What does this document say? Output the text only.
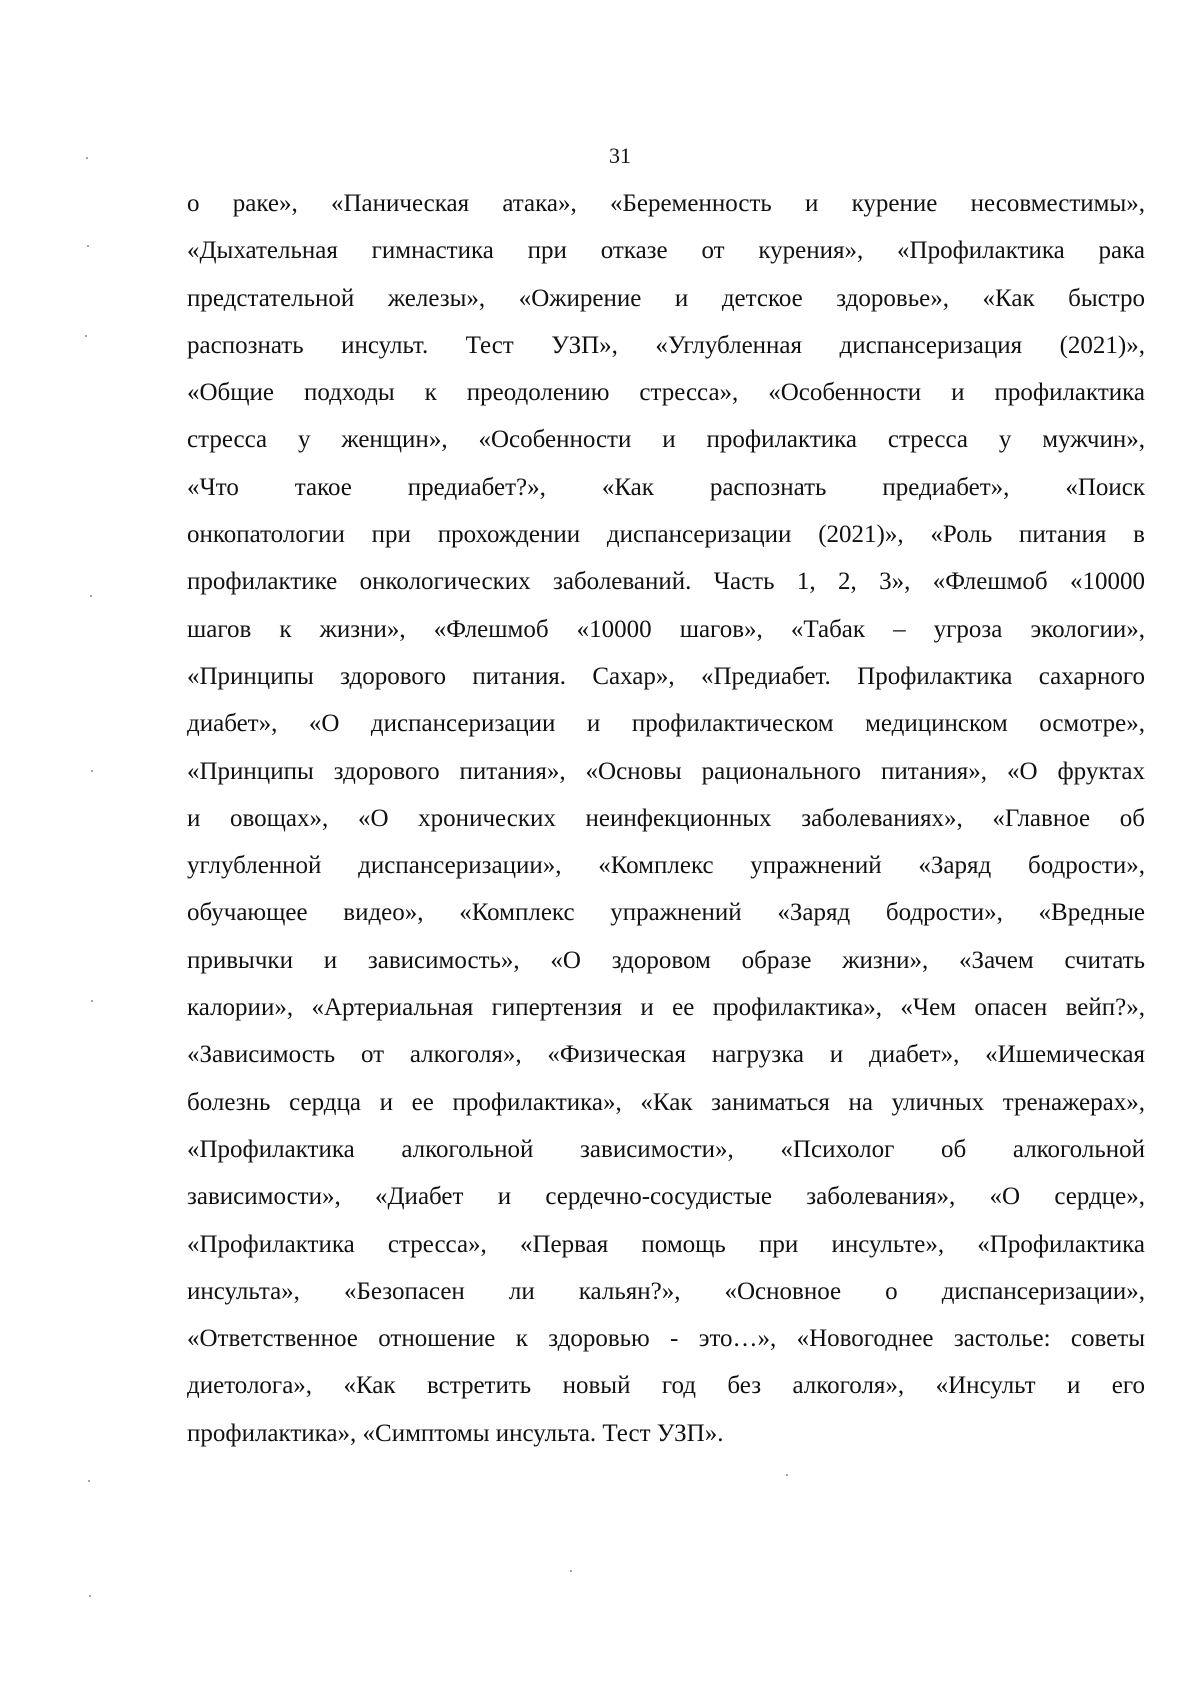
31
о раке», «Паническая атака», «Беременность и курение несовместимы»,
«Дыхательная гимнастика при отказе от курения», «Профилактика рака
предстательной железы», «Ожирение и детское здоровье», «Как быстро
распознать инсульт. Тест УЗП», «Углубленная диспансеризация (2021)»,
«Общие подходы к преодолению стресса», «Особенности и профилактика
стресса у женщин», «Особенности и профилактика стресса у мужчин»,
«Что такое предиабет?», «Как распознать предиабет», «Поиск
онкопатологии при прохождении диспансеризации (2021)», «Роль питания в
профилактике онкологических заболеваний. Часть 1, 2, 3», «Флешмоб «10000
шагов к жизни», «Флешмоб «10000 шагов», «Табак – угроза экологии»,
«Принципы здорового питания. Сахар», «Предиабет. Профилактика сахарного
диабет», «О диспансеризации и профилактическом медицинском осмотре»,
«Принципы здорового питания», «Основы рационального питания», «О фруктах
и овощах», «О хронических неинфекционных заболеваниях», «Главное об
углубленной диспансеризации», «Комплекс упражнений «Заряд бодрости»,
обучающее видео», «Комплекс упражнений «Заряд бодрости», «Вредные
привычки и зависимость», «О здоровом образе жизни», «Зачем считать
калории», «Артериальная гипертензия и ее профилактика», «Чем опасен вейп?»,
«Зависимость от алкоголя», «Физическая нагрузка и диабет», «Ишемическая
болезнь сердца и ее профилактика», «Как заниматься на уличных тренажерах»,
«Профилактика алкогольной зависимости», «Психолог об алкогольной
зависимости», «Диабет и сердечно-сосудистые заболевания», «О сердце»,
«Профилактика стресса», «Первая помощь при инсульте», «Профилактика
инсульта», «Безопасен ли кальян?», «Основное о диспансеризации»,
«Ответственное отношение к здоровью - это…», «Новогоднее застолье: советы
диетолога», «Как встретить новый год без алкоголя», «Инсульт и его
профилактика», «Симптомы инсульта. Тест УЗП».
